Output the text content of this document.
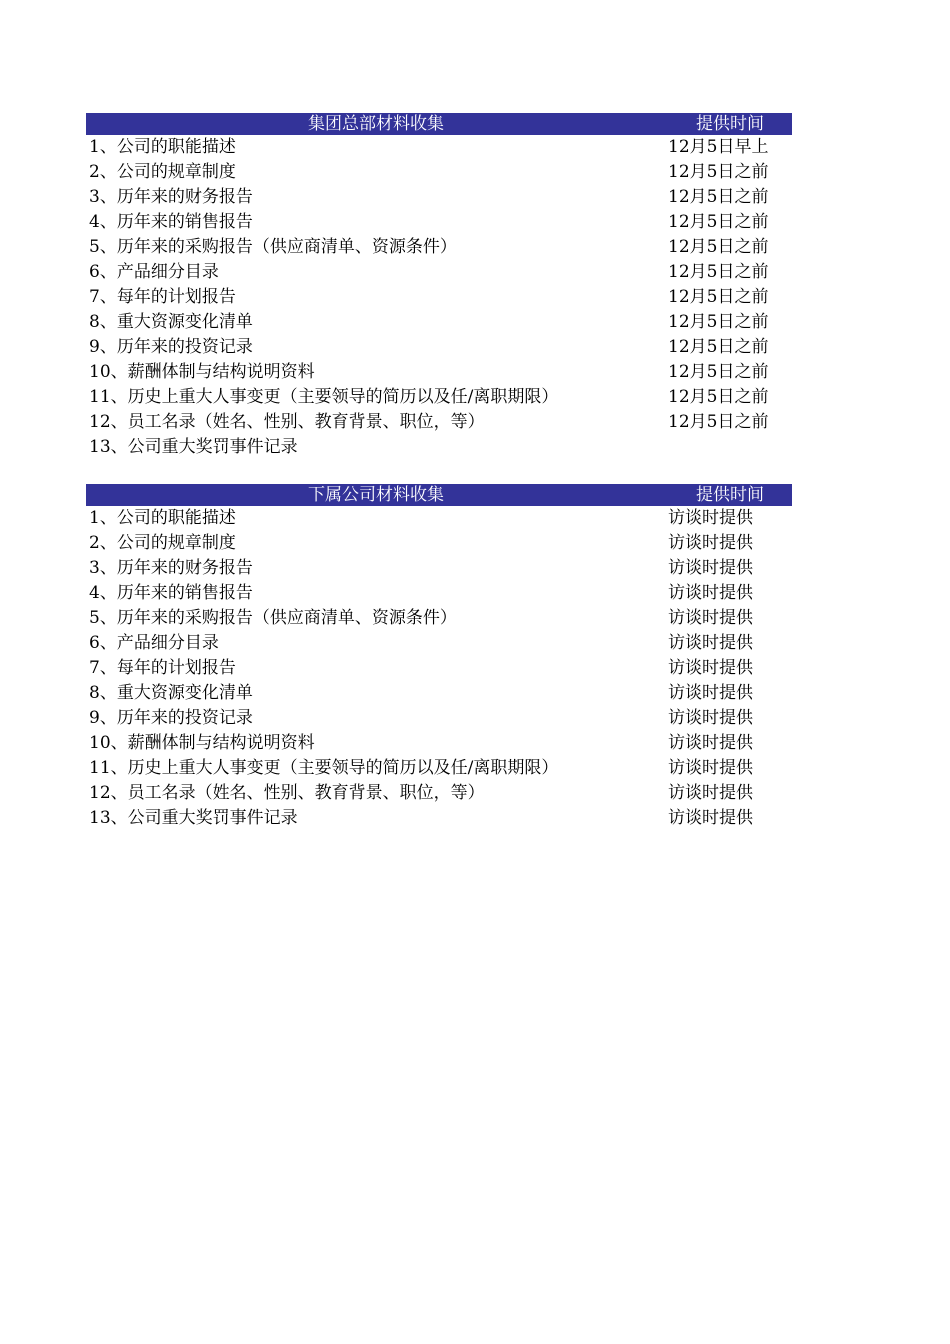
集团总部材料收集	提供时间
1、公司的职能描述	12月5日早上
2、公司的规章制度	12月5日之前
3、历年来的财务报告	12月5日之前
4、历年来的销售报告	12月5日之前
5、历年来的采购报告（供应商清单、资源条件）	12月5日之前
6、产品细分目录	12月5日之前
7、每年的计划报告	12月5日之前
8、重大资源变化清单	12月5日之前
9、历年来的投资记录	12月5日之前
10、薪酬体制与结构说明资料	12月5日之前
11、历史上重大人事变更（主要领导的简历以及任/离职期限）	12月5日之前
12、员工名录（姓名、性别、教育背景、职位，等）	12月5日之前
13、公司重大奖罚事件记录
下属公司材料收集	提供时间
1、公司的职能描述	访谈时提供
2、公司的规章制度	访谈时提供
3、历年来的财务报告	访谈时提供
4、历年来的销售报告	访谈时提供
5、历年来的采购报告（供应商清单、资源条件）	访谈时提供
6、产品细分目录	访谈时提供
7、每年的计划报告	访谈时提供
8、重大资源变化清单	访谈时提供
9、历年来的投资记录	访谈时提供
10、薪酬体制与结构说明资料	访谈时提供
11、历史上重大人事变更（主要领导的简历以及任/离职期限）	访谈时提供
12、员工名录（姓名、性别、教育背景、职位，等）	访谈时提供
13、公司重大奖罚事件记录	访谈时提供
